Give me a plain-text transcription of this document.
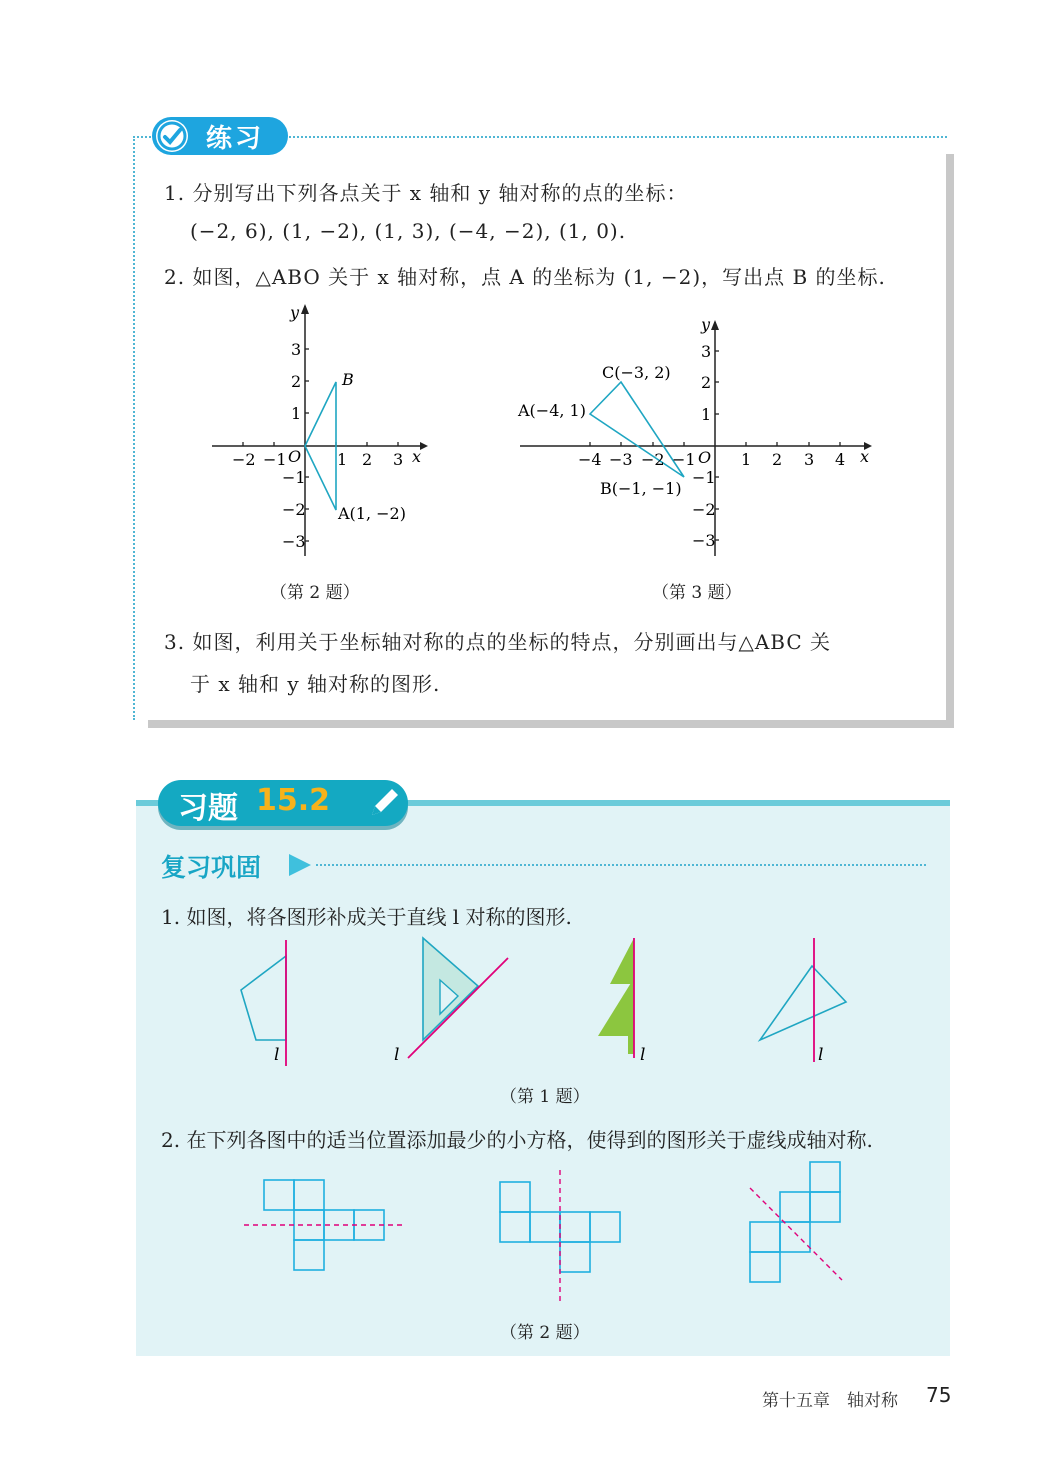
练习
1. 分别写出下列各点关于 x 轴和 y 轴对称的点的坐标：
(−2, 6), (1, −2), (1, 3), (−4, −2), (1, 0).
2. 如图，△ABO 关于 x 轴对称，点 A 的坐标为 (1, −2)，写出点 B 的坐标.
x
y
O
−2 −1	1 2 3
3
2
1
−1
−2
−3
B
A(1, −2)
（第 2 题）
x
y
O
−4 −3 −2 −1	1 2 3 4
3
2
1
−1
−2
−3
C(−3, 2)
A(−4, 1)
B(−1, −1)
（第 3 题）
3. 如图，利用关于坐标轴对称的点的坐标的特点，分别画出与△ABC 关
于 x 轴和 y 轴对称的图形.
习题 15.2
复习巩固
1. 如图，将各图形补成关于直线 l 对称的图形.
l	l	l	l
（第 1 题）
2. 在下列各图中的适当位置添加最少的小方格，使得到的图形关于虚线成轴对称.
（第 2 题）
第十五章　轴对称 75
